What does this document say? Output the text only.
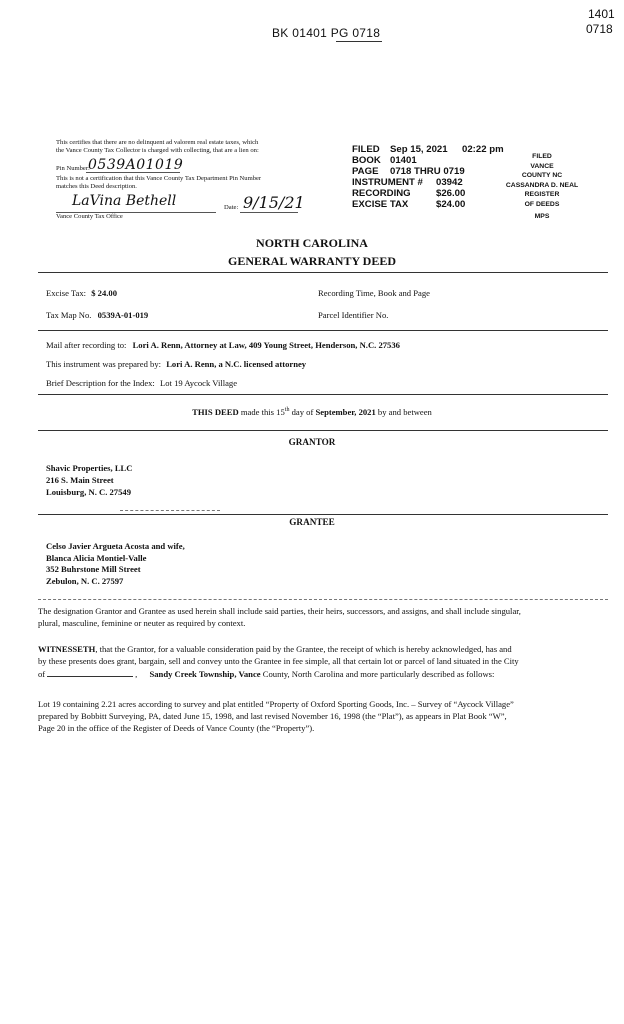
BK 01401 PG 0718
1401
0718
This certifies that there are no delinquent ad valorem real estate taxes, which
the Vance County Tax Collector is charged with collecting, that are a lien on:
Pin Number:
0539A01019
This is not a certification that this Vance County Tax Department Pin Number
matches this Deed description.
LaVina Bethell	Date: 9/15/21
Vance County Tax Office
FILED Sep 15, 2021 02:22 pm
BOOK 01401
PAGE 0718 THRU 0719
INSTRUMENT # 03942
RECORDING	$26.00
EXCISE TAX	$24.00
FILED
VANCE
COUNTY NC
CASSANDRA D. NEAL
REGISTER
OF DEEDS
MPS
NORTH CAROLINA
GENERAL WARRANTY DEED
Excise Tax: $ 24.00	Recording Time, Book and Page
Tax Map No. 0539A-01-019	Parcel Identifier No.
Mail after recording to: Lori A. Renn, Attorney at Law, 409 Young Street, Henderson, N.C. 27536
This instrument was prepared by: Lori A. Renn, a N.C. licensed attorney
Brief Description for the Index: Lot 19 Aycock Village
THIS DEED made this 15th day of September, 2021 by and between
GRANTOR
Shavic Properties, LLC
216 S. Main Street
Louisburg, N. C. 27549
GRANTEE
Celso Javier Argueta Acosta and wife,
Blanca Alicia Montiel-Valle
352 Buhrstone Mill Street
Zebulon, N. C. 27597
The designation Grantor and Grantee as used herein shall include said parties, their heirs, successors, and assigns, and shall include singular,
plural, masculine, feminine or neuter as required by context.
WITNESSETH, that the Grantor, for a valuable consideration paid by the Grantee, the receipt of which is hereby acknowledged, has and
by these presents does grant, bargain, sell and convey unto the Grantee in fee simple, all that certain lot or parcel of land situated in the City
of	, Sandy Creek Township, Vance County, North Carolina and more particularly described as follows:
Lot 19 containing 2.21 acres according to survey and plat entitled “Property of Oxford Sporting Goods, Inc. – Survey of “Aycock Village”
prepared by Bobbitt Surveying, PA, dated June 15, 1998, and last revised November 16, 1998 (the “Plat”), as appears in Plat Book “W”,
Page 20 in the office of the Register of Deeds of Vance County (the “Property”).
